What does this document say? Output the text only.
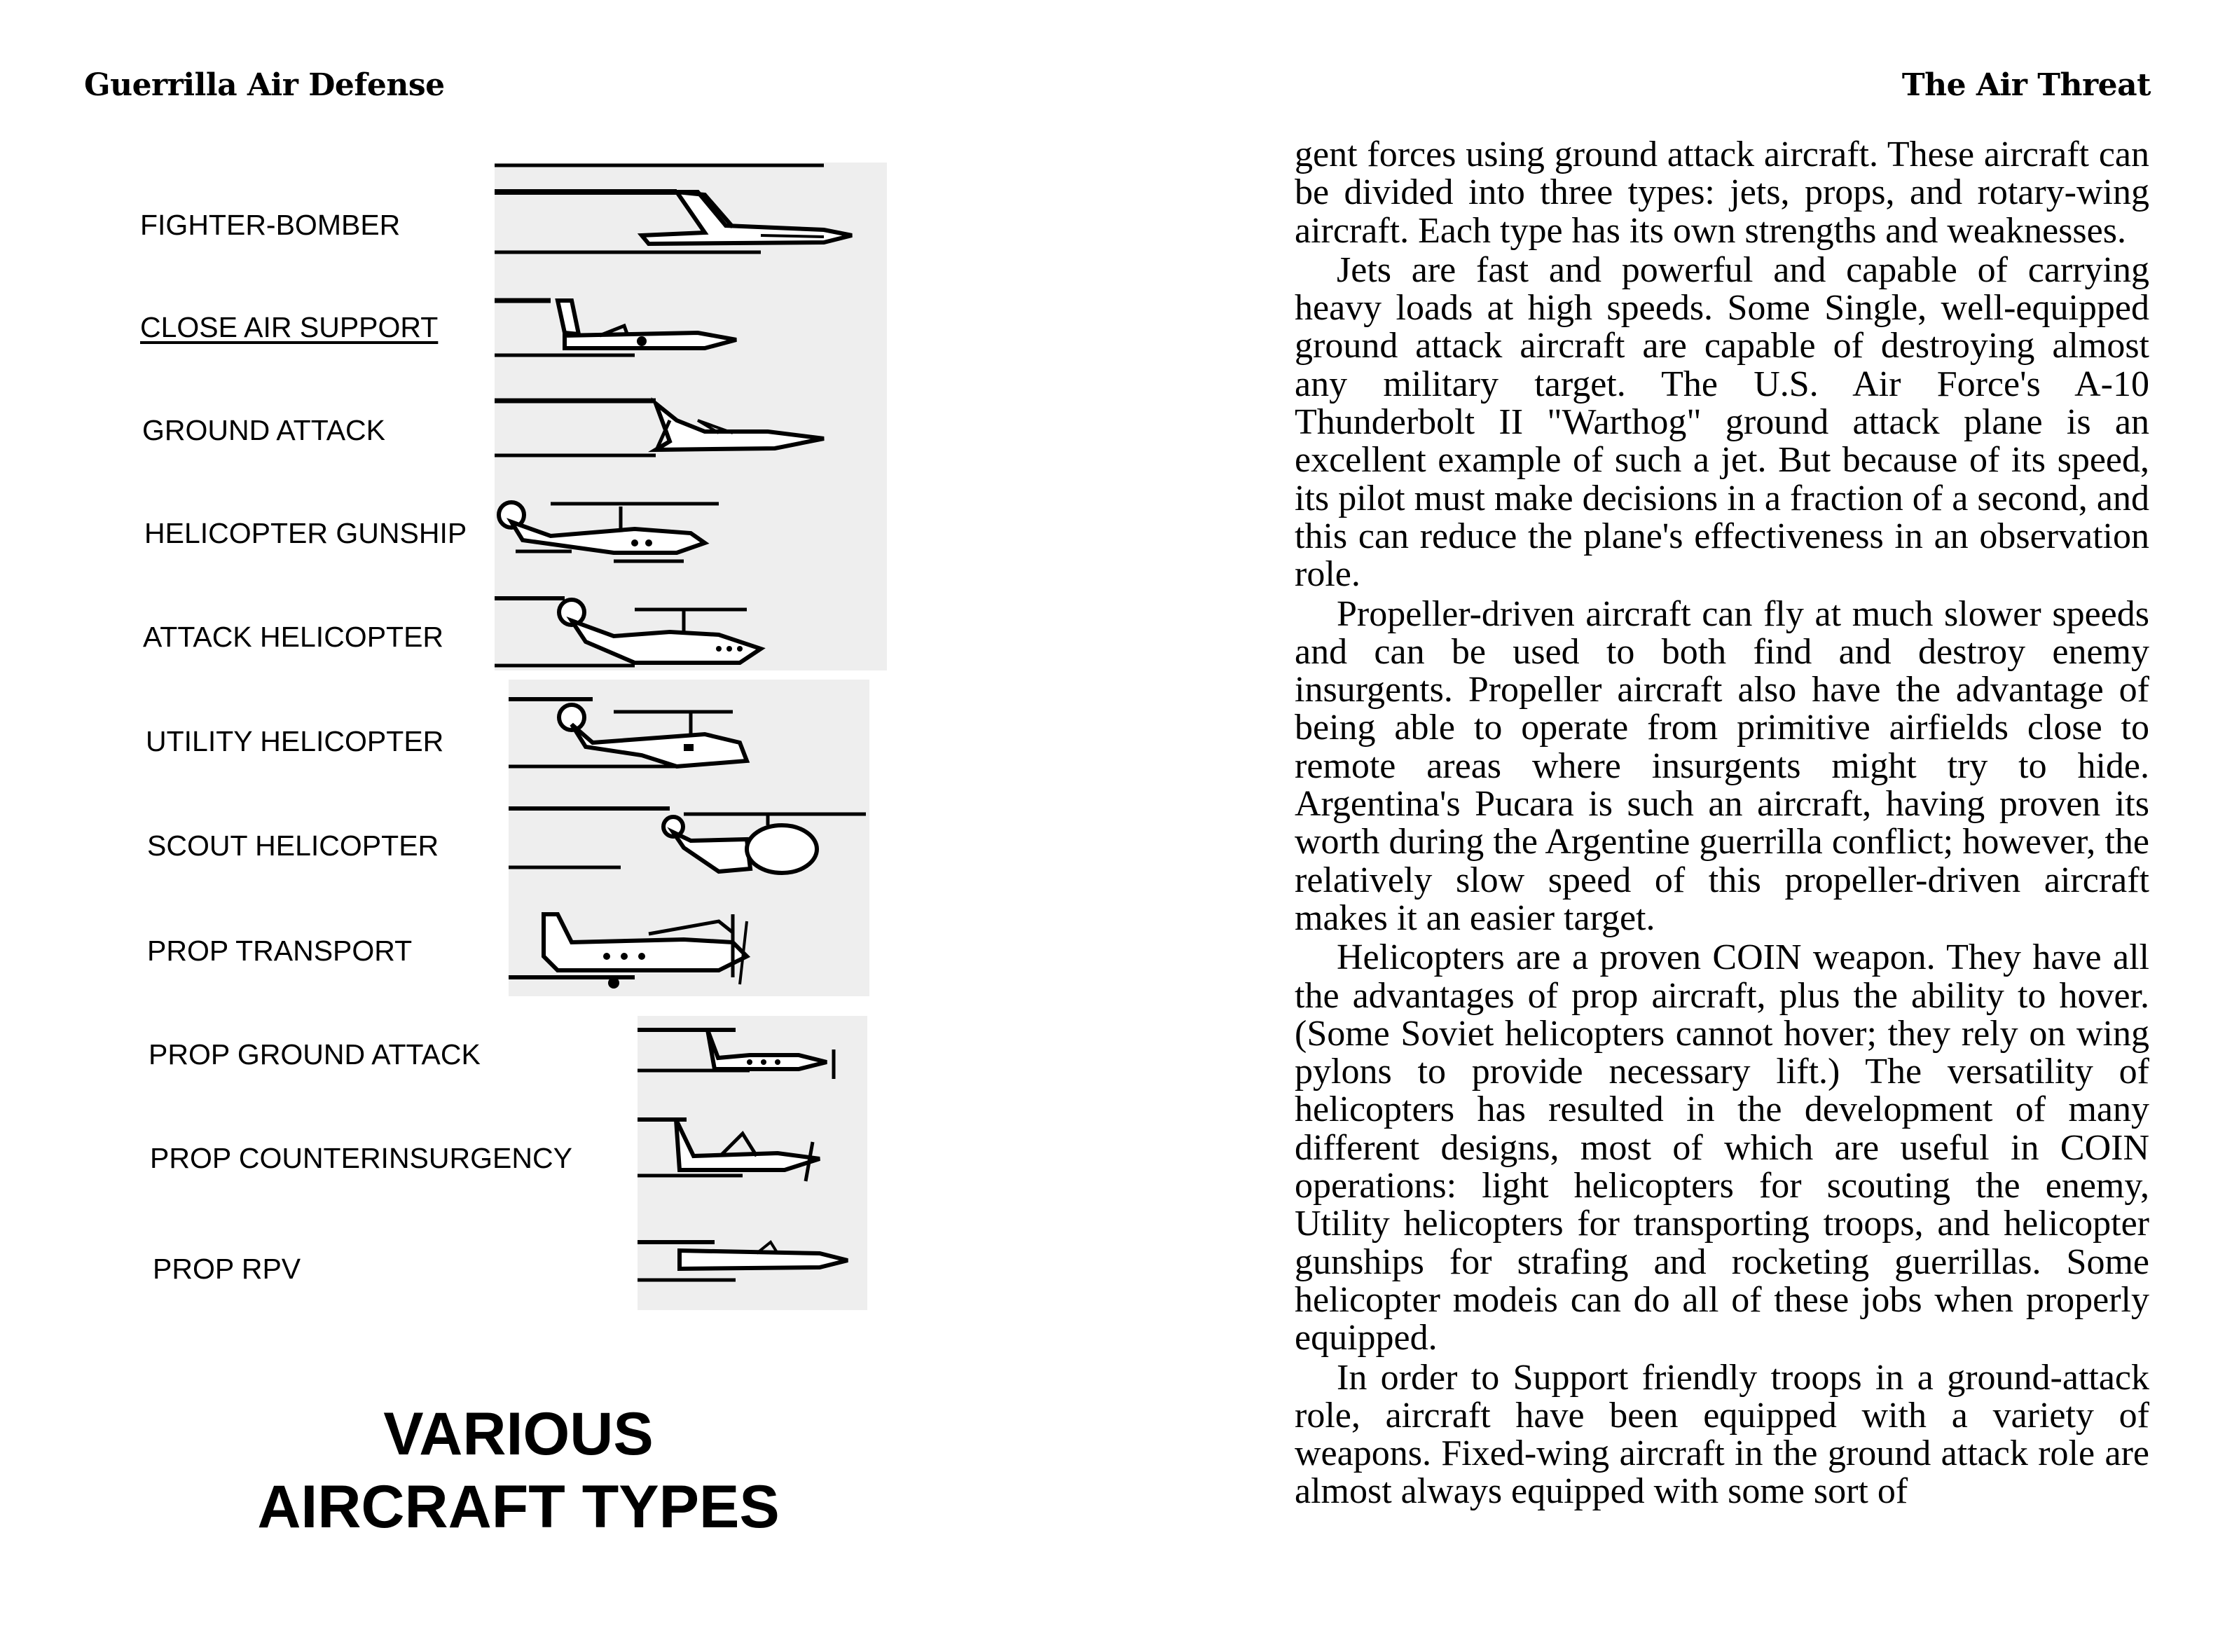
Guerrilla Air Defense
FIGHTER-BOMBER
CLOSE AIR SUPPORT
GROUND ATTACK
HELICOPTER GUNSHIP
ATTACK HELICOPTER
UTILITY HELICOPTER
SCOUT HELICOPTER
PROP TRANSPORT
PROP GROUND ATTACK
PROP COUNTERINSURGENCY
PROP RPV
VARIOUS
AIRCRAFT TYPES
The Air Threat

gent forces using ground attack aircraft. These aircraft can be divided into three types: jets, props, and rotary-wing aircraft. Each type has its own strengths and weaknesses.

Jets are fast and powerful and capable of carrying heavy loads at high speeds. Some Single, well-equipped ground attack aircraft are capable of destroying almost any military target. The U.S. Air Force's A-10 Thunderbolt II "Warthog" ground attack plane is an excellent example of such a jet. But because of its speed, its pilot must make decisions in a fraction of a second, and this can reduce the plane's effectiveness in an observation role.

Propeller-driven aircraft can fly at much slower speeds and can be used to both find and destroy enemy insurgents. Propeller aircraft also have the advantage of being able to operate from primitive airfields close to remote areas where insurgents might try to hide. Argentina's Pucara is such an aircraft, having proven its worth during the Argentine guerrilla conflict; however, the relatively slow speed of this propeller-driven aircraft makes it an easier target.

Helicopters are a proven COIN weapon. They have all the advantages of prop aircraft, plus the ability to hover. (Some Soviet helicopters cannot hover; they rely on wing pylons to provide necessary lift.) The versatility of helicopters has resulted in the development of many different designs, most of which are useful in COIN operations: light helicopters for scouting the enemy, Utility helicopters for transporting troops, and helicopter gunships for strafing and rocketing guerrillas. Some helicopter modeis can do all of these jobs when properly equipped.

In order to Support friendly troops in a ground-attack role, aircraft have been equipped with a variety of weapons. Fixed-wing aircraft in the ground attack role are almost always equipped with some sort of
